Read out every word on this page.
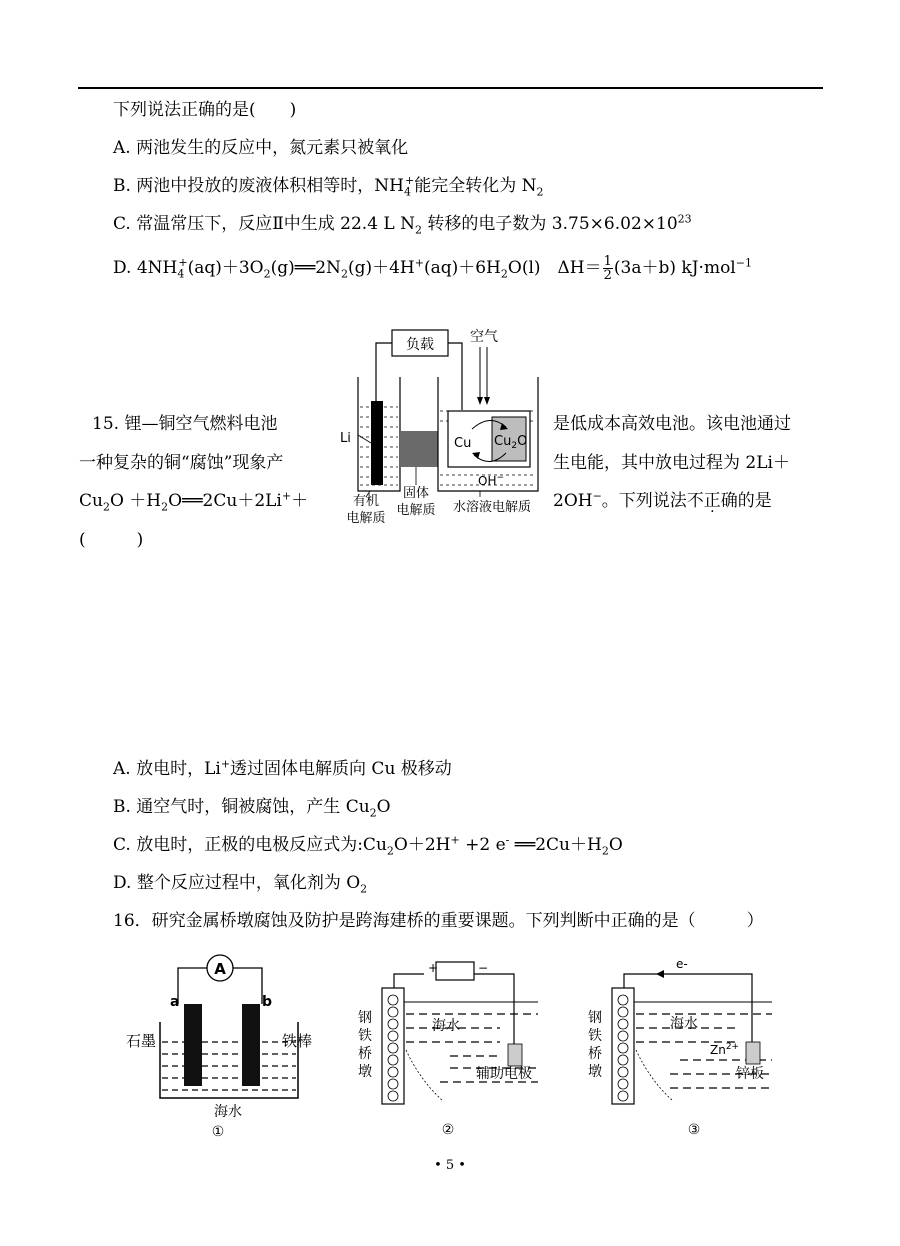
下列说法正确的是(　　)
A. 两池发生的反应中，氮元素只被氧化
B. 两池中投放的废液体积相等时，$NH_4^+$能完全转化为 $N_2$
C. 常温常压下，反应Ⅱ中生成 22.4 L $N_2$ 转移的电子数为 $3.75\times 6.02\times 10^{23}$
D. $4NH_4^+(aq)+3O_2(g)══2N_2(g)+4H^+(aq)+6H_2O(l)$　$\Delta H= \frac{1}{2} (3a+b)$ kJ·mol$^{-1}$
负载	空气
Li	Cu $Cu_2O$
OH−
有机
电解质
固体
电解质 水溶液电解质
15. 锂—铜空气燃料电池	是低成本高效电池。该电池通过
一种复杂的铜“腐蚀”现象产	生电能，其中放电过程为 2Li＋
$Cu_2O$ $+H_2O══2Cu+2Li^++$	2OH−。下列说法不正确的是
(　　　)
A. 放电时，Li+透过固体电解质向 Cu 极移动
B. 通空气时，铜被腐蚀，产生 $Cu_2O$
C. 放电时，正极的电极反应式为$:Cu_2O+2H^+ +2$ e- $══2Cu+H_2O$
D. 整个反应过程中，氧化剂为 $O_2$
16．研究金属桥墩腐蚀及防护是跨海建桥的重要课题。下列判断中正确的是（　　　）
A
a	b
石墨	铁棒
海水
①
+	−
钢
铁
桥
墩
海水
辅助电极
②
e-
钢
铁
桥
墩
海水
$Zn^{2+}$
锌板
③
• 5 •
